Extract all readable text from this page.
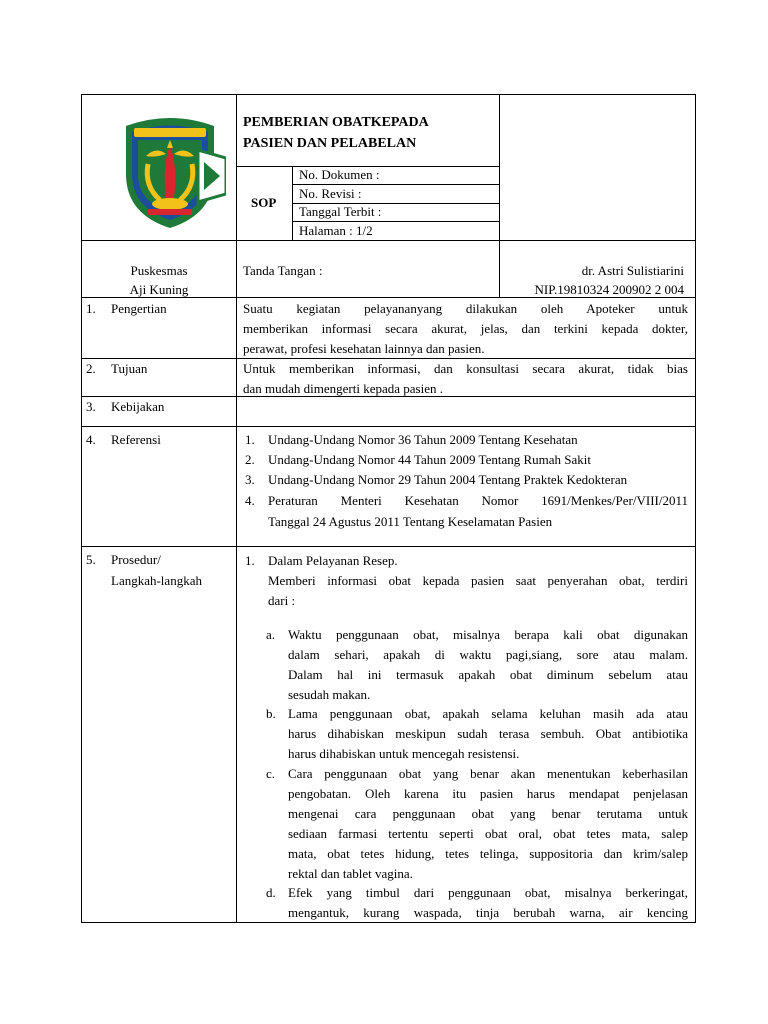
PEMBERIAN OBATKEPADA
PASIEN DAN PELABELAN
SOP
No. Dokumen :
No. Revisi :
Tanggal Terbit :
Halaman : 1/2
Puskesmas
Aji Kuning
Tanda Tangan :	dr. Astri Sulistiarini
NIP.19810324 200902 2 004
1. Pengertian	Suatu kegiatan pelayananyang dilakukan oleh Apoteker untuk
memberikan informasi secara akurat, jelas, dan terkini kepada dokter,
perawat, profesi kesehatan lainnya dan pasien.
2. Tujuan	Untuk memberikan informasi, dan konsultasi secara akurat, tidak bias
dan mudah dimengerti kepada pasien .
3. Kebijakan
4. Referensi	1. Undang-Undang Nomor 36 Tahun 2009 Tentang Kesehatan
2. Undang-Undang Nomor 44 Tahun 2009 Tentang Rumah Sakit
3. Undang-Undang Nomor 29 Tahun 2004 Tentang Praktek Kedokteran
4. Peraturan Menteri Kesehatan Nomor 1691/Menkes/Per/VIII/2011
Tanggal 24 Agustus 2011 Tentang Keselamatan Pasien
5. Prosedur/
Langkah-langkah
1. Dalam Pelayanan Resep.
Memberi informasi obat kepada pasien saat penyerahan obat, terdiri
dari :
a. Waktu penggunaan obat, misalnya berapa kali obat digunakan
dalam sehari, apakah di waktu pagi,siang, sore atau malam.
Dalam hal ini termasuk apakah obat diminum sebelum atau
sesudah makan.
b. Lama penggunaan obat, apakah selama keluhan masih ada atau
harus dihabiskan meskipun sudah terasa sembuh. Obat antibiotika
harus dihabiskan untuk mencegah resistensi.
c. Cara penggunaan obat yang benar akan menentukan keberhasilan
pengobatan. Oleh karena itu pasien harus mendapat penjelasan
mengenai cara penggunaan obat yang benar terutama untuk
sediaan farmasi tertentu seperti obat oral, obat tetes mata, salep
mata, obat tetes hidung, tetes telinga, suppositoria dan krim/salep
rektal dan tablet vagina.
d. Efek yang timbul dari penggunaan obat, misalnya berkeringat,
mengantuk, kurang waspada, tinja berubah warna, air kencing
